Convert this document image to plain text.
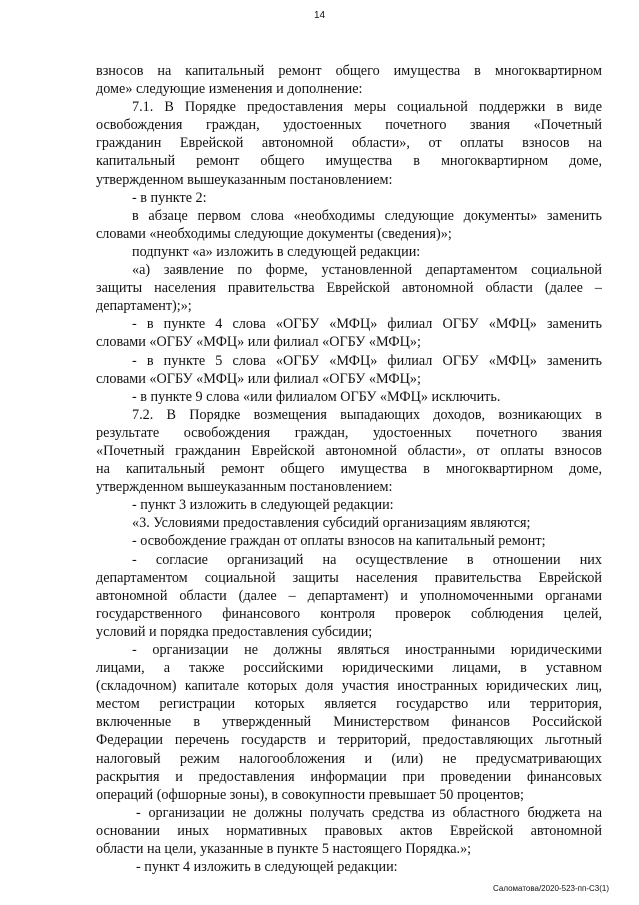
14
взносов на капитальный ремонт общего имущества в многоквартирном
доме» следующие изменения и дополнение:
7.1. В Порядке предоставления меры социальной поддержки в виде
освобождения граждан, удостоенных почетного звания «Почетный
гражданин Еврейской автономной области», от оплаты взносов на
капитальный ремонт общего имущества в многоквартирном доме,
утвержденном вышеуказанным постановлением:
- в пункте 2:
в абзаце первом слова «необходимы следующие документы» заменить
словами «необходимы следующие документы (сведения)»;
подпункт «а» изложить в следующей редакции:
«а) заявление по форме, установленной департаментом социальной
защиты населения правительства Еврейской автономной области (далее –
департамент);»;
- в пункте 4 слова «ОГБУ «МФЦ» филиал ОГБУ «МФЦ» заменить
словами «ОГБУ «МФЦ» или филиал «ОГБУ «МФЦ»;
- в пункте 5 слова «ОГБУ «МФЦ» филиал ОГБУ «МФЦ» заменить
словами «ОГБУ «МФЦ» или филиал «ОГБУ «МФЦ»;
- в пункте 9 слова «или филиалом ОГБУ «МФЦ» исключить.
7.2. В Порядке возмещения выпадающих доходов, возникающих в
результате освобождения граждан, удостоенных почетного звания
«Почетный гражданин Еврейской автономной области», от оплаты взносов
на капитальный ремонт общего имущества в многоквартирном доме,
утвержденном вышеуказанным постановлением:
- пункт 3 изложить в следующей редакции:
«3. Условиями предоставления субсидий организациям являются;
- освобождение граждан от оплаты взносов на капитальный ремонт;
- согласие организаций на осуществление в отношении них
департаментом социальной защиты населения правительства Еврейской
автономной области (далее – департамент) и уполномоченными органами
государственного финансового контроля проверок соблюдения целей,
условий и порядка предоставления субсидии;
- организации не должны являться иностранными юридическими
лицами, а также российскими юридическими лицами, в уставном
(складочном) капитале которых доля участия иностранных юридических лиц,
местом регистрации которых является государство или территория,
включенные в утвержденный Министерством финансов Российской
Федерации перечень государств и территорий, предоставляющих льготный
налоговый режим налогообложения и (или) не предусматривающих
раскрытия и предоставления информации при проведении финансовых
операций (офшорные зоны), в совокупности превышает 50 процентов;
- организации не должны получать средства из областного бюджета на
основании иных нормативных правовых актов Еврейской автономной
области на цели, указанные в пункте 5 настоящего Порядка.»;
- пункт 4 изложить в следующей редакции:
Саломатова/2020-523-пп-С3(1)
